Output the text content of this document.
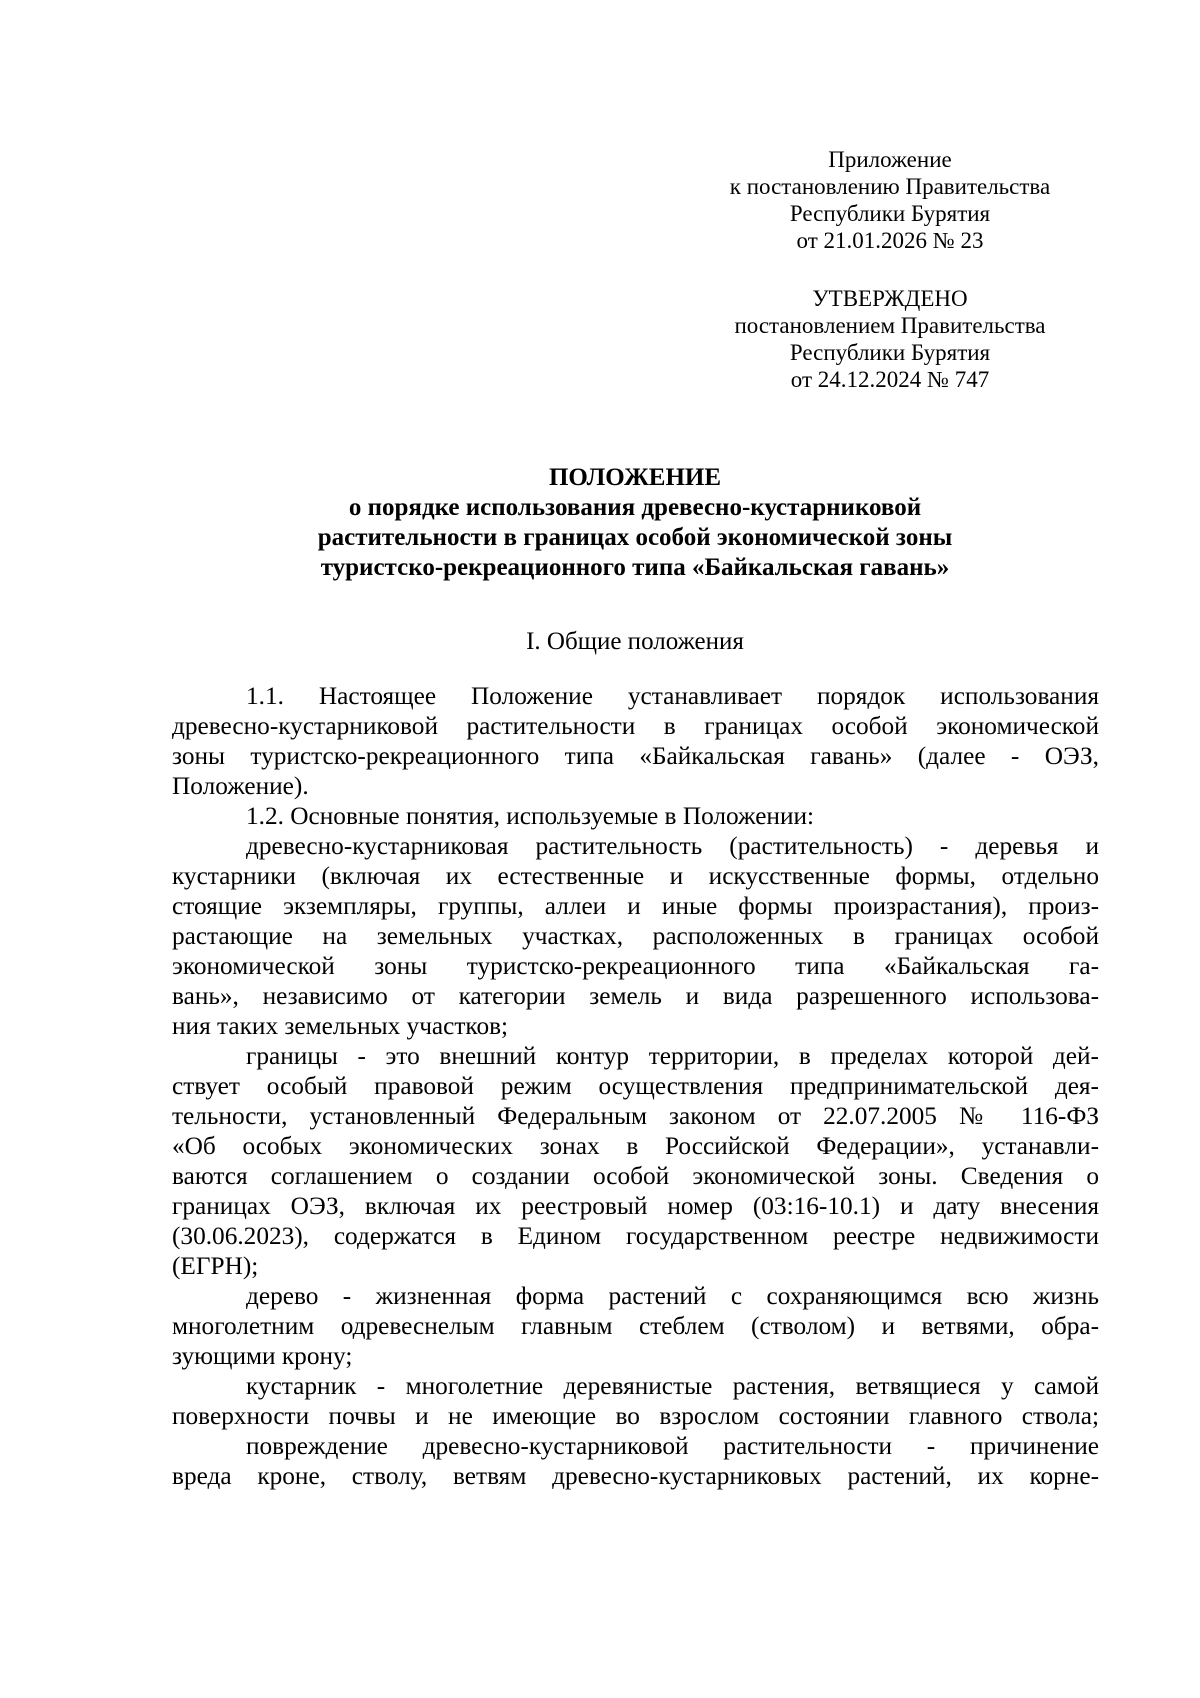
Приложение
к постановлению Правительства
Республики Бурятия
от 21.01.2026 № 23
УТВЕРЖДЕНО
постановлением Правительства
Республики Бурятия
от 24.12.2024 № 747
ПОЛОЖЕНИЕ
о порядке использования древесно-кустарниковой
растительности в границах особой экономической зоны
туристско-рекреационного типа «Байкальская гавань»
I. Общие положения
1.1. Настоящее Положение устанавливает порядок использования
древесно-кустарниковой растительности в границах особой экономической
зоны туристско-рекреационного типа «Байкальская гавань» (далее - ОЭЗ,
Положение).
1.2. Основные понятия, используемые в Положении:
древесно-кустарниковая растительность (растительность) - деревья и
кустарники (включая их естественные и искусственные формы, отдельно
стоящие экземпляры, группы, аллеи и иные формы произрастания), произ-
растающие на земельных участках, расположенных в границах особой
экономической зоны туристско-рекреационного типа «Байкальская га-
вань», независимо от категории земель и вида разрешенного использова-
ния таких земельных участков;
границы - это внешний контур территории, в пределах которой дей-
ствует особый правовой режим осуществления предпринимательской дея-
тельности, установленный Федеральным законом от 22.07.2005 № 116-ФЗ
«Об особых экономических зонах в Российской Федерации», устанавли-
ваются соглашением о создании особой экономической зоны. Сведения о
границах ОЭЗ, включая их реестровый номер (03:16-10.1) и дату внесения
(30.06.2023), содержатся в Едином государственном реестре недвижимости
(ЕГРН);
дерево - жизненная форма растений с сохраняющимся всю жизнь
многолетним одревеснелым главным стеблем (стволом) и ветвями, обра-
зующими крону;
кустарник - многолетние деревянистые растения, ветвящиеся у самой
поверхности почвы и не имеющие во взрослом состоянии главного ствола;
повреждение древесно-кустарниковой растительности - причинение
вреда кроне, стволу, ветвям древесно-кустарниковых растений, их корне-
